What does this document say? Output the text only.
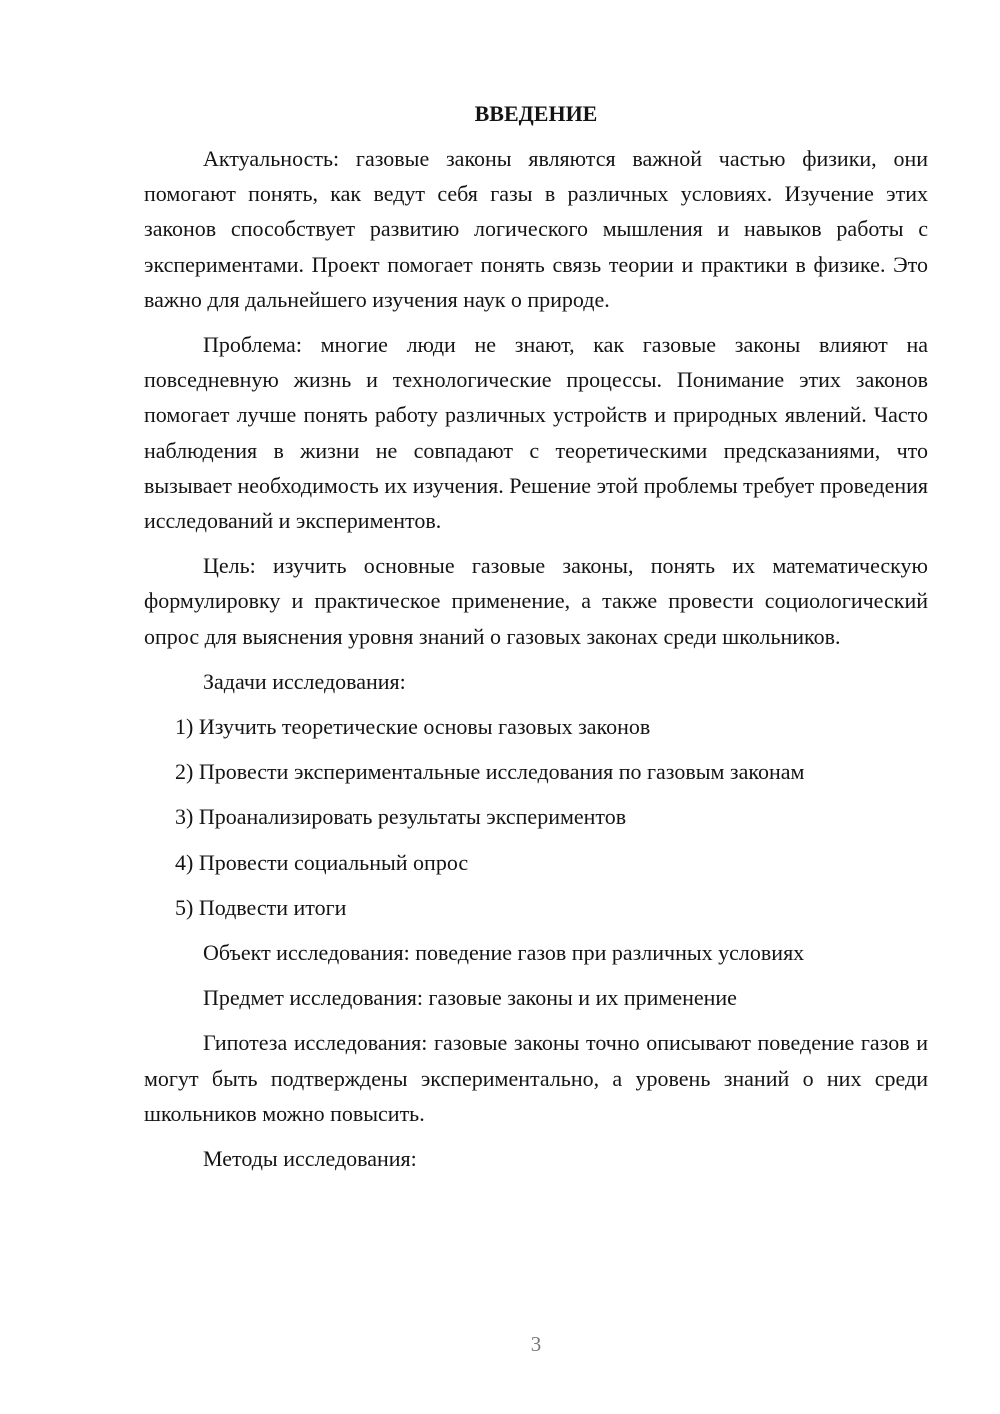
ВВЕДЕНИЕ

Актуальность: газовые законы являются важной частью физики, они помогают понять, как ведут себя газы в различных условиях. Изучение этих законов способствует развитию логического мышления и навыков работы с экспериментами. Проект помогает понять связь теории и практики в физике. Это важно для дальнейшего изучения наук о природе.

Проблема: многие люди не знают, как газовые законы влияют на повседневную жизнь и технологические процессы. Понимание этих законов помогает лучше понять работу различных устройств и природных явлений. Часто наблюдения в жизни не совпадают с теоретическими предсказаниями, что вызывает необходимость их изучения. Решение этой проблемы требует проведения исследований и экспериментов.

Цель: изучить основные газовые законы, понять их математическую формулировку и практическое применение, а также провести социологический опрос для выяснения уровня знаний о газовых законах среди школьников.

Задачи исследования:

1) Изучить теоретические основы газовых законов
2) Провести экспериментальные исследования по газовым законам
3) Проанализировать результаты экспериментов
4) Провести социальный опрос
5) Подвести итоги

Объект исследования: поведение газов при различных условиях

Предмет исследования: газовые законы и их применение

Гипотеза исследования: газовые законы точно описывают поведение газов и могут быть подтверждены экспериментально, а уровень знаний о них среди школьников можно повысить.

Методы исследования:

3
